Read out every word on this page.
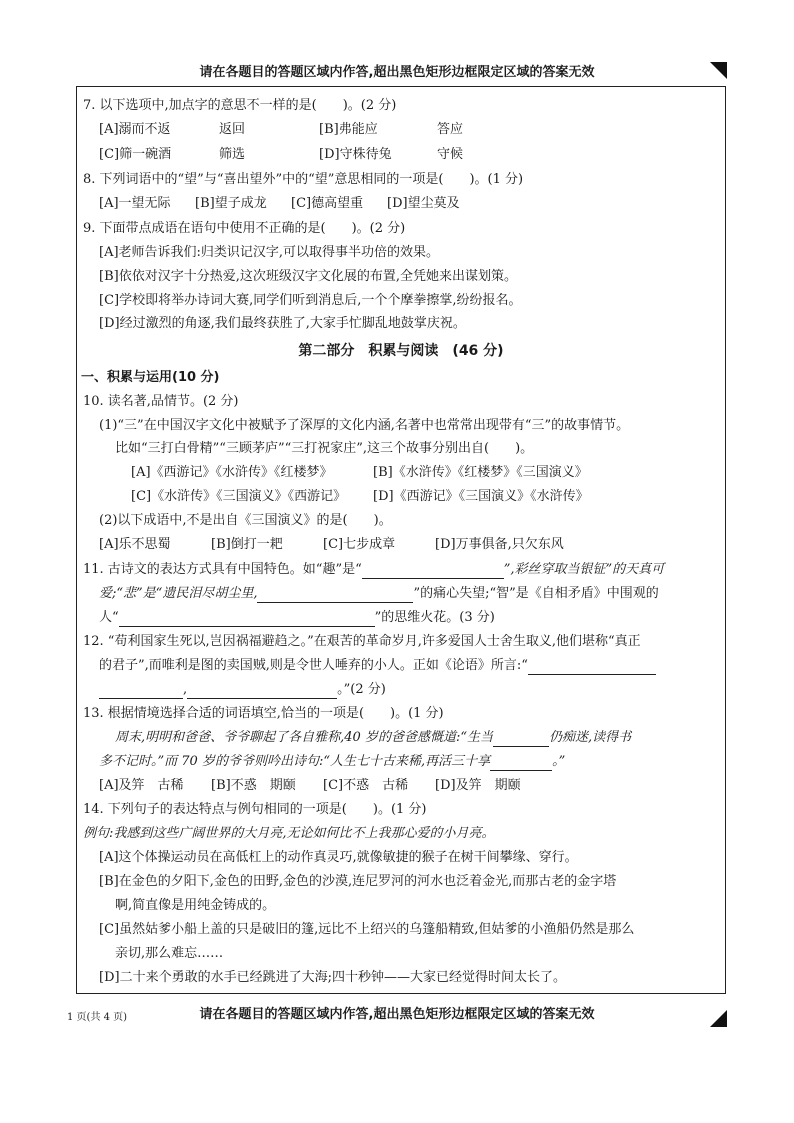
请在各题目的答题区域内作答,超出黑色矩形边框限定区域的答案无效
7. 以下选项中,加点字的意思不一样的是(　　)。(2 分)
[A]溺而不返	返回	[B]弗能应	答应
[C]筛一碗酒	筛选	[D]守株待兔	守候
8. 下列词语中的“望”与“喜出望外”中的“望”意思相同的一项是(　　)。(1 分)
[A]一望无际 [B]望子成龙 [C]德高望重 [D]望尘莫及
9. 下面带点成语在语句中使用不正确的是(　　)。(2 分)
[A]老师告诉我们:归类识记汉字,可以取得事半功倍的效果。
[B]依依对汉字十分热爱,这次班级汉字文化展的布置,全凭她来出谋划策。
[C]学校即将举办诗词大赛,同学们听到消息后,一个个摩拳擦掌,纷纷报名。
[D]经过激烈的角逐,我们最终获胜了,大家手忙脚乱地鼓掌庆祝。
第二部分　积累与阅读　(46 分)
一、积累与运用(10 分)
10. 读名著,品情节。(2 分)
(1)“三”在中国汉字文化中被赋予了深厚的文化内涵,名著中也常常出现带有“三”的故事情节。
比如“三打白骨精”“三顾茅庐”“三打祝家庄”,这三个故事分别出自(　　)。
[A]《西游记》《水浒传》《红楼梦》	[B]《水浒传》《红楼梦》《三国演义》
[C]《水浒传》《三国演义》《西游记》 [D]《西游记》《三国演义》《水浒传》
(2)以下成语中,不是出自《三国演义》的是(　　)。
[A]乐不思蜀	[B]倒打一耙	[C]七步成章	[D]万事俱备,只欠东风
11. 古诗文的表达方式具有中国特色。如“趣”是“	”,彩丝穿取当银钲”的天真可
爱;“悲”是“遗民泪尽胡尘里,	”的痛心失望;“智”是《自相矛盾》中围观的
人“	”的思维火花。(3 分)
12. “苟利国家生死以,岂因祸福避趋之。”在艰苦的革命岁月,许多爱国人士舍生取义,他们堪称“真正
的君子”,而唯利是图的卖国贼,则是令世人唾弃的小人。正如《论语》所言:“
,	。”(2 分)
13. 根据情境选择合适的词语填空,恰当的一项是(　　)。(1 分)
周末,明明和爸爸、爷爷聊起了各自雅称,40 岁的爸爸感慨道:“生当	仍痴迷,读得书
多不记时。”而 70 岁的爷爷则吟出诗句:“人生七十古来稀,再活三十享	。”
[A]及笄　古稀 [B]不惑　期颐 [C]不惑　古稀 [D]及笄　期颐
14. 下列句子的表达特点与例句相同的一项是(　　)。(1 分)
例句:我感到这些广阔世界的大月亮,无论如何比不上我那心爱的小月亮。
[A]这个体操运动员在高低杠上的动作真灵巧,就像敏捷的猴子在树干间攀缘、穿行。
[B]在金色的夕阳下,金色的田野,金色的沙漠,连尼罗河的河水也泛着金光,而那古老的金字塔
啊,简直像是用纯金铸成的。
[C]虽然姑爹小船上盖的只是破旧的篷,远比不上绍兴的乌篷船精致,但姑爹的小渔船仍然是那么
亲切,那么难忘……
[D]二十来个勇敢的水手已经跳进了大海;四十秒钟——大家已经觉得时间太长了。
1 页(共 4 页)	请在各题目的答题区域内作答,超出黑色矩形边框限定区域的答案无效
